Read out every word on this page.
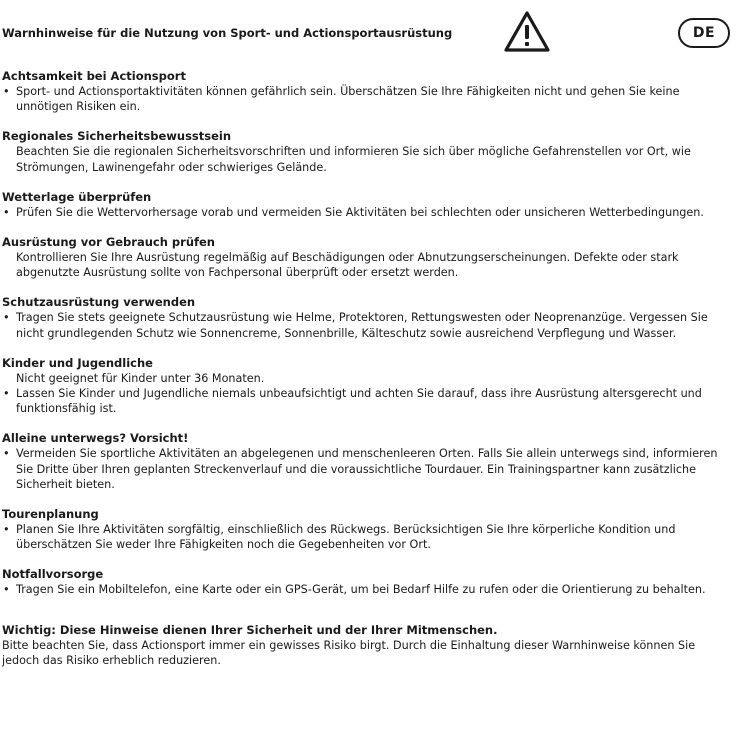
Warnhinweise für die Nutzung von Sport- und Actionsportausrüstung	DE
Achtsamkeit bei Actionsport
• Sport- und Actionsportaktivitäten können gefährlich sein. Überschätzen Sie Ihre Fähigkeiten nicht und gehen Sie keine unnötigen Risiken ein.
Regionales Sicherheitsbewusstsein
Beachten Sie die regionalen Sicherheitsvorschriften und informieren Sie sich über mögliche Gefahrenstellen vor Ort, wie Strömungen, Lawinengefahr oder schwieriges Gelände.
Wetterlage überprüfen
• Prüfen Sie die Wettervorhersage vorab und vermeiden Sie Aktivitäten bei schlechten oder unsicheren Wetterbedingungen.
Ausrüstung vor Gebrauch prüfen
Kontrollieren Sie Ihre Ausrüstung regelmäßig auf Beschädigungen oder Abnutzungserscheinungen. Defekte oder stark abgenutzte Ausrüstung sollte von Fachpersonal überprüft oder ersetzt werden.
Schutzausrüstung verwenden
• Tragen Sie stets geeignete Schutzausrüstung wie Helme, Protektoren, Rettungswesten oder Neoprenanzüge. Vergessen Sie nicht grundlegenden Schutz wie Sonnencreme, Sonnenbrille, Kälteschutz sowie ausreichend Verpflegung und Wasser.
Kinder und Jugendliche
Nicht geeignet für Kinder unter 36 Monaten.
• Lassen Sie Kinder und Jugendliche niemals unbeaufsichtigt und achten Sie darauf, dass ihre Ausrüstung altersgerecht und funktionsfähig ist.
Alleine unterwegs? Vorsicht!
• Vermeiden Sie sportliche Aktivitäten an abgelegenen und menschenleeren Orten. Falls Sie allein unterwegs sind, informieren Sie Dritte über Ihren geplanten Streckenverlauf und die voraussichtliche Tourdauer. Ein Trainingspartner kann zusätzliche Sicherheit bieten.
Tourenplanung
• Planen Sie Ihre Aktivitäten sorgfältig, einschließlich des Rückwegs. Berücksichtigen Sie Ihre körperliche Kondition und überschätzen Sie weder Ihre Fähigkeiten noch die Gegebenheiten vor Ort.
Notfallvorsorge
• Tragen Sie ein Mobiltelefon, eine Karte oder ein GPS-Gerät, um bei Bedarf Hilfe zu rufen oder die Orientierung zu behalten.
Wichtig: Diese Hinweise dienen Ihrer Sicherheit und der Ihrer Mitmenschen.
Bitte beachten Sie, dass Actionsport immer ein gewisses Risiko birgt. Durch die Einhaltung dieser Warnhinweise können Sie jedoch das Risiko erheblich reduzieren.
